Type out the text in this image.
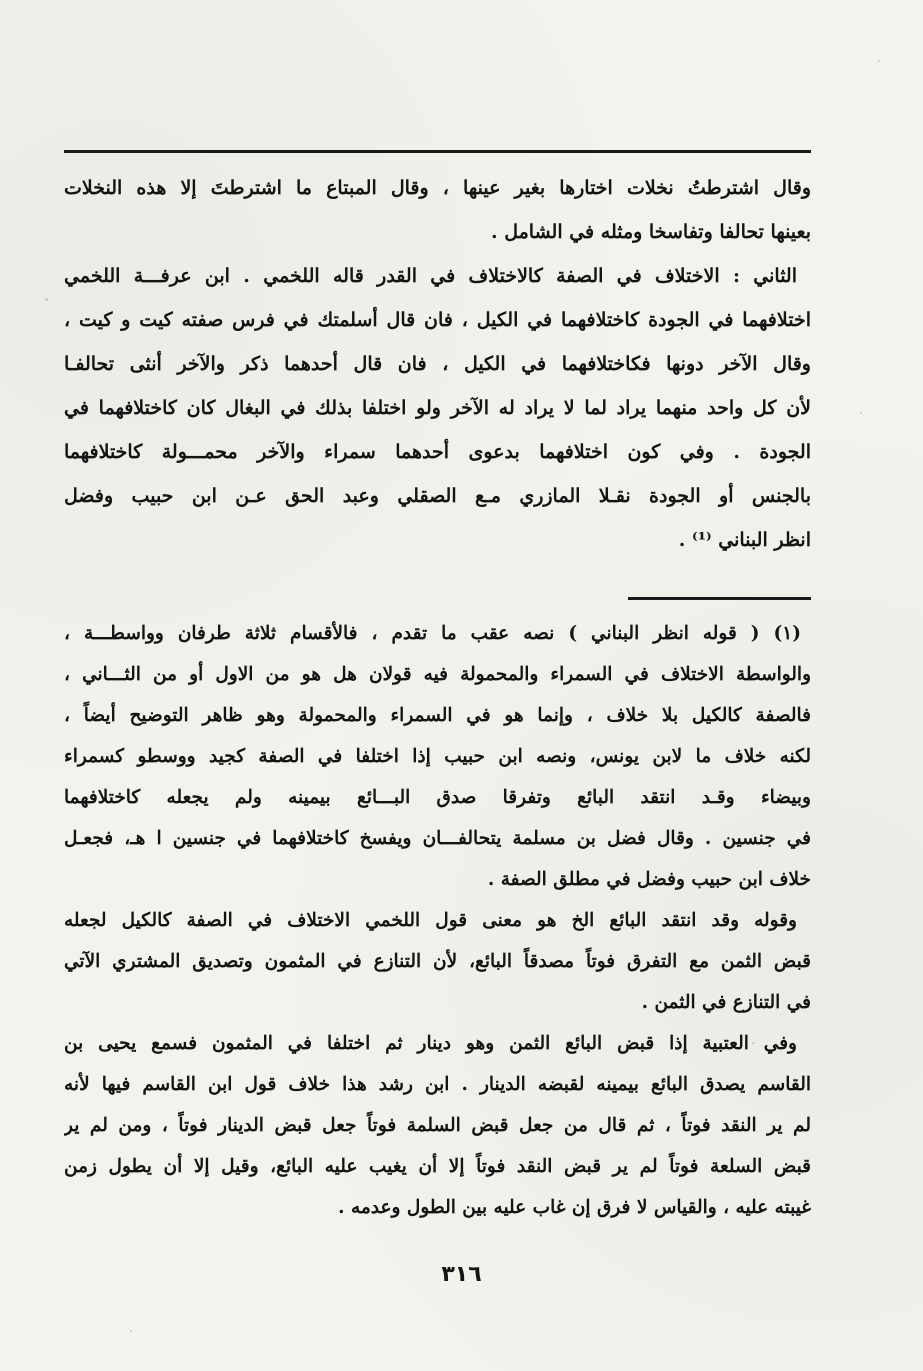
وقال اشترطتُ نخلات اختارها بغير عينها ، وقال المبتاع ما اشترطتَ إلا هذه النخلات
بعينها تحالفا وتفاسخا ومثله في الشامل .
الثاني : الاختلاف في الصفة كالاختلاف في القدر قاله اللخمي . ابن عرفـــة اللخمي
اختلافهما في الجودة كاختلافهما في الكيل ، فان قال أسلمتك في فرس صفته كيت و كيت ،
وقال الآخر دونها فكاختلافهما في الكيل ، فان قال أحدهما ذكر والآخر أنثى تحالفـا
لأن كل واحد منهما يراد لما لا يراد له الآخر ولو اختلفا بذلك في البغال كان كاختلافهما في
الجودة . وفي كون اختلافهما بدعوى أحدهما سمراء والآخر محمـــولة كاختلافهما
بالجنس أو الجودة نقـلا المازري مـع الصقلي وعبد الحق عـن ابن حبيب وفضل
انظر البناني ⁽¹⁾ .
(١) ( قوله انظر البناني ) نصه عقب ما تقدم ، فالأقسام ثلاثة طرفان وواسطـــة ،
والواسطة الاختلاف في السمراء والمحمولة فيه قولان هل هو من الاول أو من الثـــاني ،
فالصفة كالكيل بلا خلاف ، وإنما هو في السمراء والمحمولة وهو ظاهر التوضيح أيضاً ،
لكنه خلاف ما لابن يونس، ونصه ابن حبيب إذا اختلفا في الصفة كجيد ووسطو كسمراء
وبيضاء وقـد انتقد البائع وتفرقا صدق البـــائع بيمينه ولم يجعله كاختلافهما
في جنسين . وقال فضل بن مسلمة يتحالفـــان ويفسخ كاختلافهما في جنسين ا هـ، فجعـل
خلاف ابن حبيب وفضل في مطلق الصفة .
وقوله وقد انتقد البائع الخ هو معنى قول اللخمي الاختلاف في الصفة كالكيل لجعله
قبض الثمن مع التفرق فوتاً مصدقاً البائع، لأن التنازع في المثمون وتصديق المشتري الآتي
في التنازع في الثمن .
وفي العتبية إذا قبض البائع الثمن وهو دينار ثم اختلفا في المثمون فسمع يحيى بن
القاسم يصدق البائع بيمينه لقبضه الدينار . ابن رشد هذا خلاف قول ابن القاسم فيها لأنه
لم ير النقد فوتاً ، ثم قال من جعل قبض السلمة فوتاً جعل قبض الدينار فوتاً ، ومن لم ير
قبض السلعة فوتاً لم ير قبض النقد فوتاً إلا أن يغيب عليه البائع، وقيل إلا أن يطول زمن
غيبته عليه ، والقياس لا فرق إن غاب عليه بين الطول وعدمه .
٣١٦
